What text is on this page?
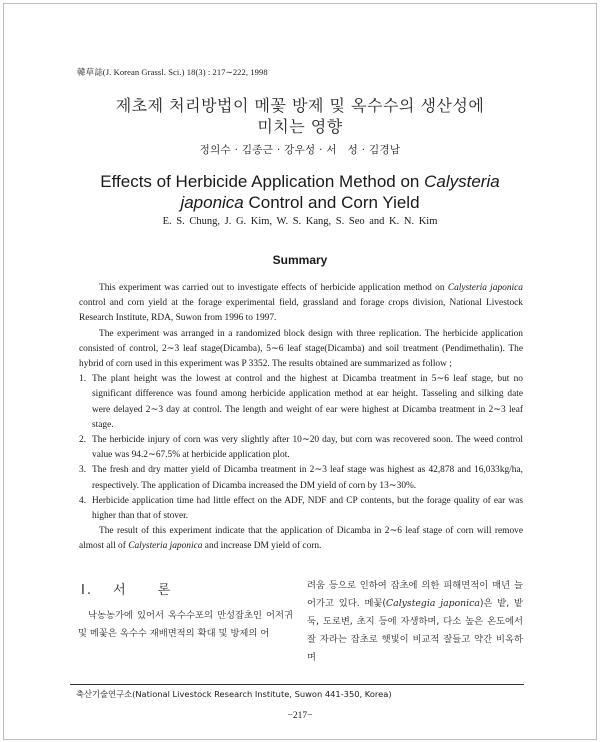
韓草誌(J. Korean Grassl. Sci.) 18(3) : 217∼222, 1998
제초제 처리방법이 메꽃 방제 및 옥수수의 생산성에
미치는 영향
정의수 · 김종근 · 강우성 · 서　성 · 김경남
Effects of Herbicide Application Method on Calysteria
japonica Control and Corn Yield
E. S. Chung, J. G. Kim, W. S. Kang, S. Seo and K. N. Kim
Summary

This experiment was carried out to investigate effects of herbicide application method on Calysteria japonica control and corn yield at the forage experimental field, grassland and forage crops division, National Livestock Research Institute, RDA, Suwon from 1996 to 1997.

The experiment was arranged in a randomized block design with three replication. The herbicide application consisted of control, 2∼3 leaf stage(Dicamba), 5∼6 leaf stage(Dicamba) and soil treatment (Pendimethalin). The hybrid of corn used in this experiment was P 3352. The results obtained are summarized as follow ;

1. The plant height was the lowest at control and the highest at Dicamba treatment in 5∼6 leaf stage, but no significant difference was found among herbicide application method at ear height. Tasseling and silking date were delayed 2∼3 day at control. The length and weight of ear were highest at Dicamba treatment in 2∼3 leaf stage.
2. The herbicide injury of corn was very slightly after 10∼20 day, but corn was recovered soon. The weed control value was 94.2∼67.5% at herbicide application plot.
3. The fresh and dry matter yield of Dicamba treatment in 2∼3 leaf stage was highest as 42,878 and 16,033kg/ha, respectively. The application of Dicamba increased the DM yield of corn by 13∼30%.
4. Herbicide application time had little effect on the ADF, NDF and CP contents, but the forage quality of ear was higher than that of stover.

The result of this experiment indicate that the application of Dicamba in 2∼6 leaf stage of corn will remove almost all of Calysteria japonica and increase DM yield of corn.

Ⅰ. 서　　론

낙농농가에 있어서 옥수수포의 만성잡초인 어저귀 및 메꽃은 옥수수 재배면적의 확대 및 방제의 어

려움 등으로 인하여 잡초에 의한 피해면적이 매년 늘어가고 있다. 메꽃(Calystegia japonica)은 밭, 밭둑, 도로변, 초지 등에 자생하며, 다소 높은 온도에서 잘 자라는 잡초로 햇빛이 비교적 잘들고 약간 비옥하며

축산기술연구소(National Livestock Research Institute, Suwon 441-350, Korea)
−217−
